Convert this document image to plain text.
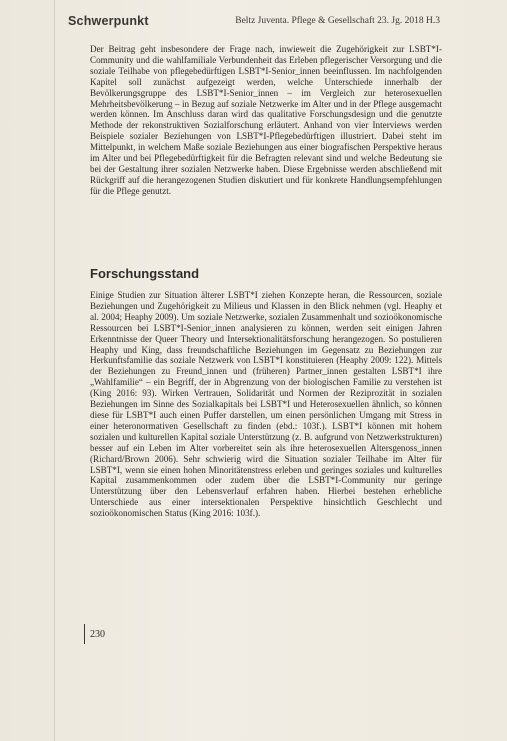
Schwerpunkt	Beltz Juventa. Pflege & Gesellschaft 23. Jg. 2018 H.3

Der Beitrag geht insbesondere der Frage nach, inwieweit die Zugehörigkeit zur LSBT*I-Community und die wahlfamiliale Verbundenheit das Erleben pflegerischer Versorgung und die soziale Teilhabe von pflegebedürftigen LSBT*I-Senior_innen beeinflussen. Im nachfolgenden Kapitel soll zunächst aufgezeigt werden, welche Unterschiede innerhalb der Bevölkerungsgruppe des LSBT*I-Senior_innen – im Vergleich zur heterosexuellen Mehrheitsbevölkerung – in Bezug auf soziale Netzwerke im Alter und in der Pflege ausgemacht werden können. Im Anschluss daran wird das qualitative Forschungsdesign und die genutzte Methode der rekonstruktiven Sozialforschung erläutert. Anhand von vier Interviews werden Beispiele sozialer Beziehungen von LSBT*I-Pflegebedürftigen illustriert. Dabei steht im Mittelpunkt, in welchem Maße soziale Beziehungen aus einer biografischen Perspektive heraus im Alter und bei Pflegebedürftigkeit für die Befragten relevant sind und welche Bedeutung sie bei der Gestaltung ihrer sozialen Netzwerke haben. Diese Ergebnisse werden abschließend mit Rückgriff auf die herangezogenen Studien diskutiert und für konkrete Handlungsempfehlungen für die Pflege genutzt.

Forschungsstand

Einige Studien zur Situation älterer LSBT*I ziehen Konzepte heran, die Ressourcen, soziale Beziehungen und Zugehörigkeit zu Milieus und Klassen in den Blick nehmen (vgl. Heaphy et al. 2004; Heaphy 2009). Um soziale Netzwerke, sozialen Zusammenhalt und sozioökonomische Ressourcen bei LSBT*I-Senior_innen analysieren zu können, werden seit einigen Jahren Erkenntnisse der Queer Theory und Intersektionalitätsforschung herangezogen. So postulieren Heaphy und King, dass freundschaftliche Beziehungen im Gegensatz zu Beziehungen zur Herkunftsfamilie das soziale Netzwerk von LSBT*I konstituieren (Heaphy 2009: 122). Mittels der Beziehungen zu Freund_innen und (früheren) Partner_innen gestalten LSBT*I ihre „Wahlfamilie“ – ein Begriff, der in Abgrenzung von der biologischen Familie zu verstehen ist (King 2016: 93). Wirken Vertrauen, Solidarität und Normen der Reziprozität in sozialen Beziehungen im Sinne des Sozialkapitals bei LSBT*I und Heterosexuellen ähnlich, so können diese für LSBT*I auch einen Puffer darstellen, um einen persönlichen Umgang mit Stress in einer heteronormativen Gesellschaft zu finden (ebd.: 103f.). LSBT*I können mit hohem sozialen und kulturellen Kapital soziale Unterstützung (z. B. aufgrund von Netzwerkstrukturen) besser auf ein Leben im Alter vorbereitet sein als ihre heterosexuellen Altersgenoss_innen (Richard/Brown 2006). Sehr schwierig wird die Situation sozialer Teilhabe im Alter für LSBT*I, wenn sie einen hohen Minoritätenstress erleben und geringes soziales und kulturelles Kapital zusammenkommen oder zudem über die LSBT*I-Community nur geringe Unterstützung über den Lebensverlauf erfahren haben. Hierbei bestehen erhebliche Unterschiede aus einer intersektionalen Perspektive hinsichtlich Geschlecht und sozioökonomischen Status (King 2016: 103f.).

230
